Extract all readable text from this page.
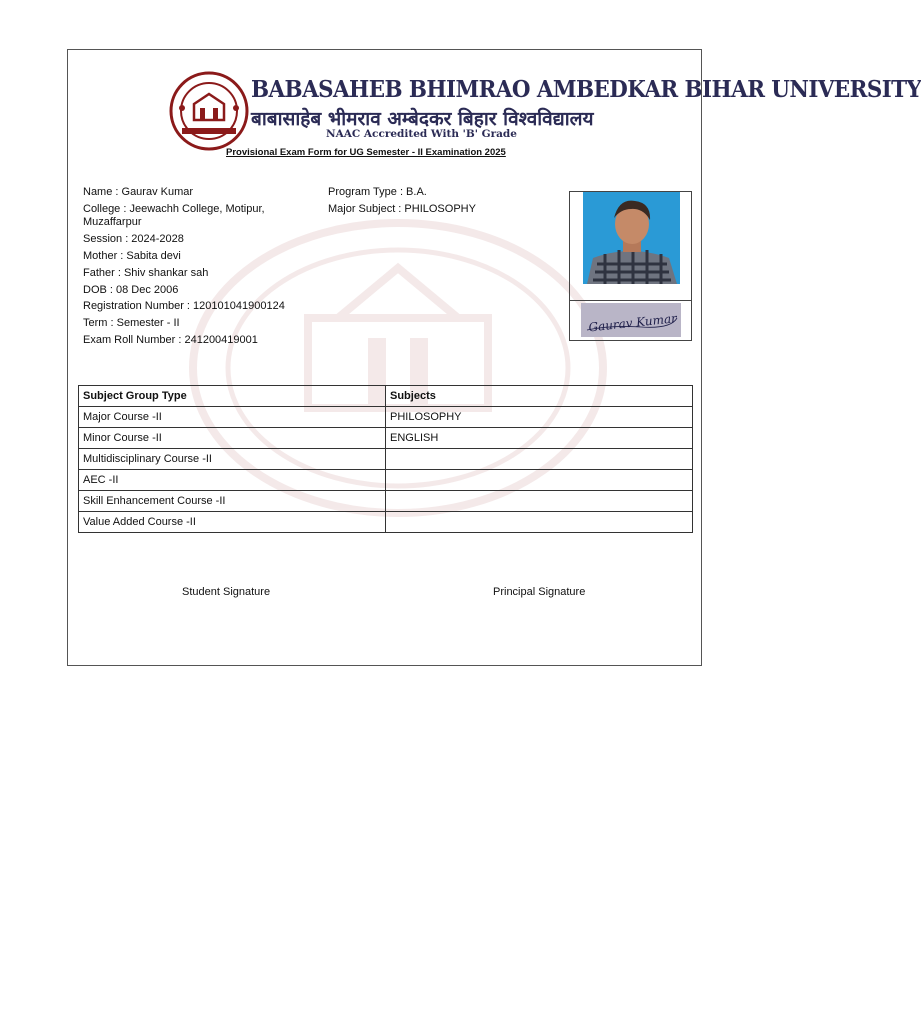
BABASAHEB BHIMRAO AMBEDKAR BIHAR UNIVERSITY
बाबासाहेब भीमराव अम्बेदकर बिहार विश्वविद्यालय
NAAC Accredited With 'B' Grade
Provisional Exam Form for UG Semester - II Examination 2025
Name : Gaurav Kumar
College : Jeewachh College, Motipur, Muzaffarpur
Session : 2024-2028
Mother : Sabita devi
Father : Shiv shankar sah
DOB : 08 Dec 2006
Registration Number : 120101041900124
Term : Semester - II
Exam Roll Number : 241200419001
Program Type : B.A.
Major Subject : PHILOSOPHY
Gaurav Kumar
Subject Group Type	Subjects
Major Course -II	PHILOSOPHY
Minor Course -II	ENGLISH
Multidisciplinary Course -II	
AEC -II	
Skill Enhancement Course -II	
Value Added Course -II	
Student Signature	Principal Signature
